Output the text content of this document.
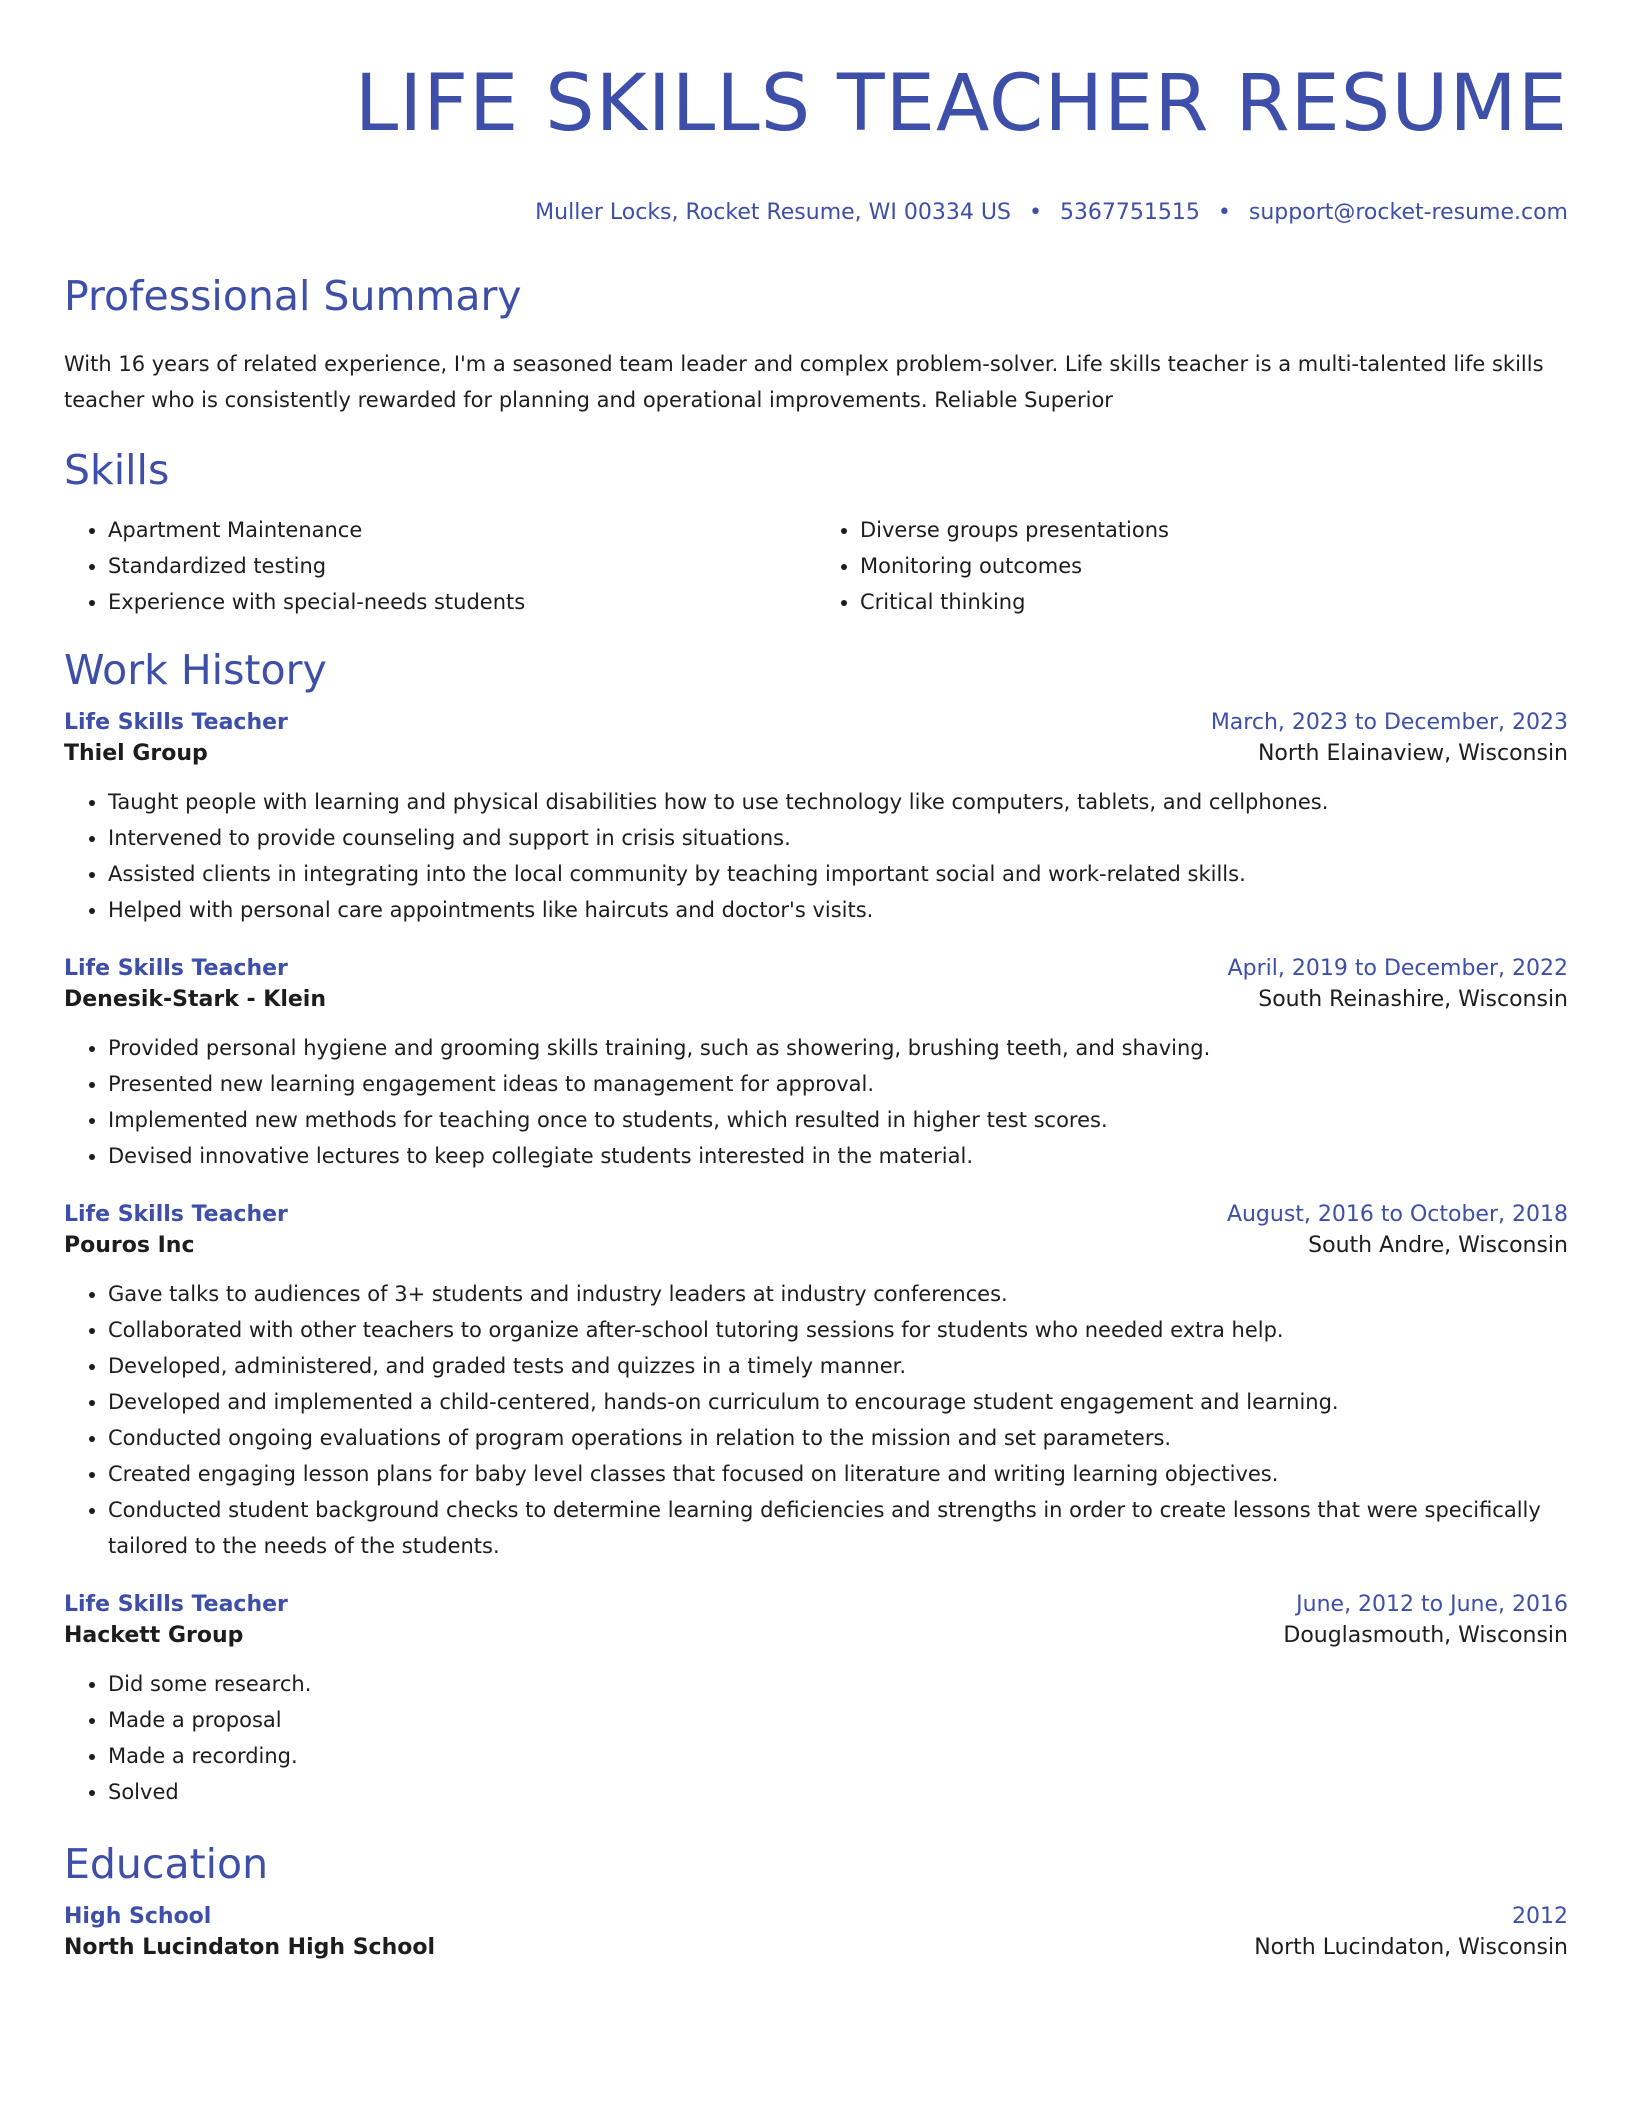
LIFE SKILLS TEACHER RESUME
Muller Locks, Rocket Resume, WI 00334 US • 5367751515 • support@rocket-resume.com
Professional Summary

With 16 years of related experience, I'm a seasoned team leader and complex problem-solver. Life skills teacher is a multi-talented life skills teacher who is consistently rewarded for planning and operational improvements. Reliable Superior

Skills
• Apartment Maintenance
• Standardized testing
• Experience with special-needs students
• Diverse groups presentations
• Monitoring outcomes
• Critical thinking
Work History
Life Skills Teacher	March, 2023 to December, 2023
Thiel Group	North Elainaview, Wisconsin
• Taught people with learning and physical disabilities how to use technology like computers, tablets, and cellphones.
• Intervened to provide counseling and support in crisis situations.
• Assisted clients in integrating into the local community by teaching important social and work-related skills.
• Helped with personal care appointments like haircuts and doctor's visits.
Life Skills Teacher	April, 2019 to December, 2022
Denesik-Stark - Klein	South Reinashire, Wisconsin
• Provided personal hygiene and grooming skills training, such as showering, brushing teeth, and shaving.
• Presented new learning engagement ideas to management for approval.
• Implemented new methods for teaching once to students, which resulted in higher test scores.
• Devised innovative lectures to keep collegiate students interested in the material.
Life Skills Teacher	August, 2016 to October, 2018
Pouros Inc	South Andre, Wisconsin
• Gave talks to audiences of 3+ students and industry leaders at industry conferences.
• Collaborated with other teachers to organize after-school tutoring sessions for students who needed extra help.
• Developed, administered, and graded tests and quizzes in a timely manner.
• Developed and implemented a child-centered, hands-on curriculum to encourage student engagement and learning.
• Conducted ongoing evaluations of program operations in relation to the mission and set parameters.
• Created engaging lesson plans for baby level classes that focused on literature and writing learning objectives.
• Conducted student background checks to determine learning deficiencies and strengths in order to create lessons that were specifically tailored to the needs of the students.
Life Skills Teacher	June, 2012 to June, 2016
Hackett Group	Douglasmouth, Wisconsin
• Did some research.
• Made a proposal
• Made a recording.
• Solved
Education
High School	2012
North Lucindaton High School	North Lucindaton, Wisconsin
